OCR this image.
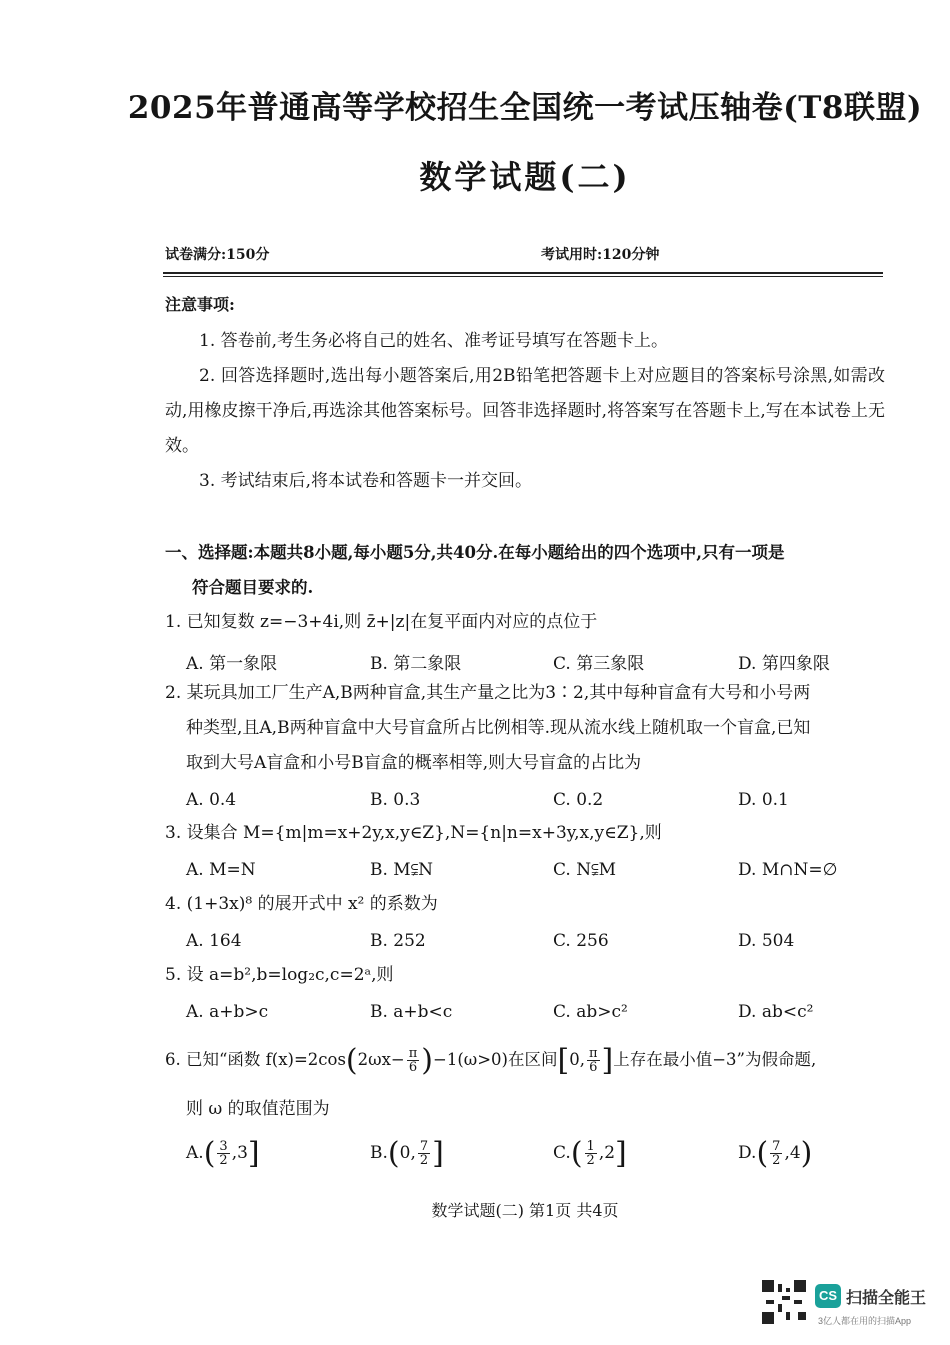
2025年普通高等学校招生全国统一考试压轴卷(T8联盟)
数学试题(二)
试卷满分:150分	考试用时:120分钟
注意事项:
1. 答卷前,考生务必将自己的姓名、准考证号填写在答题卡上。
2. 回答选择题时,选出每小题答案后,用2B铅笔把答题卡上对应题目的答案标号涂黑,如需改动,用橡皮擦干净后,再选涂其他答案标号。回答非选择题时,将答案写在答题卡上,写在本试卷上无效。
3. 考试结束后,将本试卷和答题卡一并交回。
一、选择题:本题共8小题,每小题5分,共40分.在每小题给出的四个选项中,只有一项是
符合题目要求的.
1. 已知复数 z=−3+4i,则 z̄+|z|在复平面内对应的点位于
A. 第一象限	B. 第二象限	C. 第三象限	D. 第四象限
2. 某玩具加工厂生产A,B两种盲盒,其生产量之比为3∶2,其中每种盲盒有大号和小号两
种类型,且A,B两种盲盒中大号盲盒所占比例相等.现从流水线上随机取一个盲盒,已知
取到大号A盲盒和小号B盲盒的概率相等,则大号盲盒的占比为
A. 0.4	B. 0.3	C. 0.2	D. 0.1
3. 设集合 M={m|m=x+2y,x,y∈Z},N={n|n=x+3y,x,y∈Z},则
A. M=N	B. M⫋N	C. N⫋M	D. M∩N=∅
4. (1+3x)⁸ 的展开式中 x² 的系数为
A. 164	B. 252	C. 256	D. 504
5. 设 a=b²,b=log₂c,c=2ᵃ,则
A. a+b>c	B. a+b<c	C. ab>c²	D. ab<c²
6. 已知“函数 $f(x)=2\cos(2\omega x- \frac{\pi}{6} )-1(\omega>0)$在区间[0, $\frac{\pi}{6}$ ]上存在最小值−3”为假命题,
则 ω 的取值范围为
$A.( \frac{3}{2} ,3]$	B.(0, $\frac{7}{2}$ ]	$C.( \frac{1}{2} ,2]$	$D.( \frac{7}{2} ,4)$
数学试题(二) 第1页 共4页
CS 扫描全能王
3亿人都在用的扫描App
